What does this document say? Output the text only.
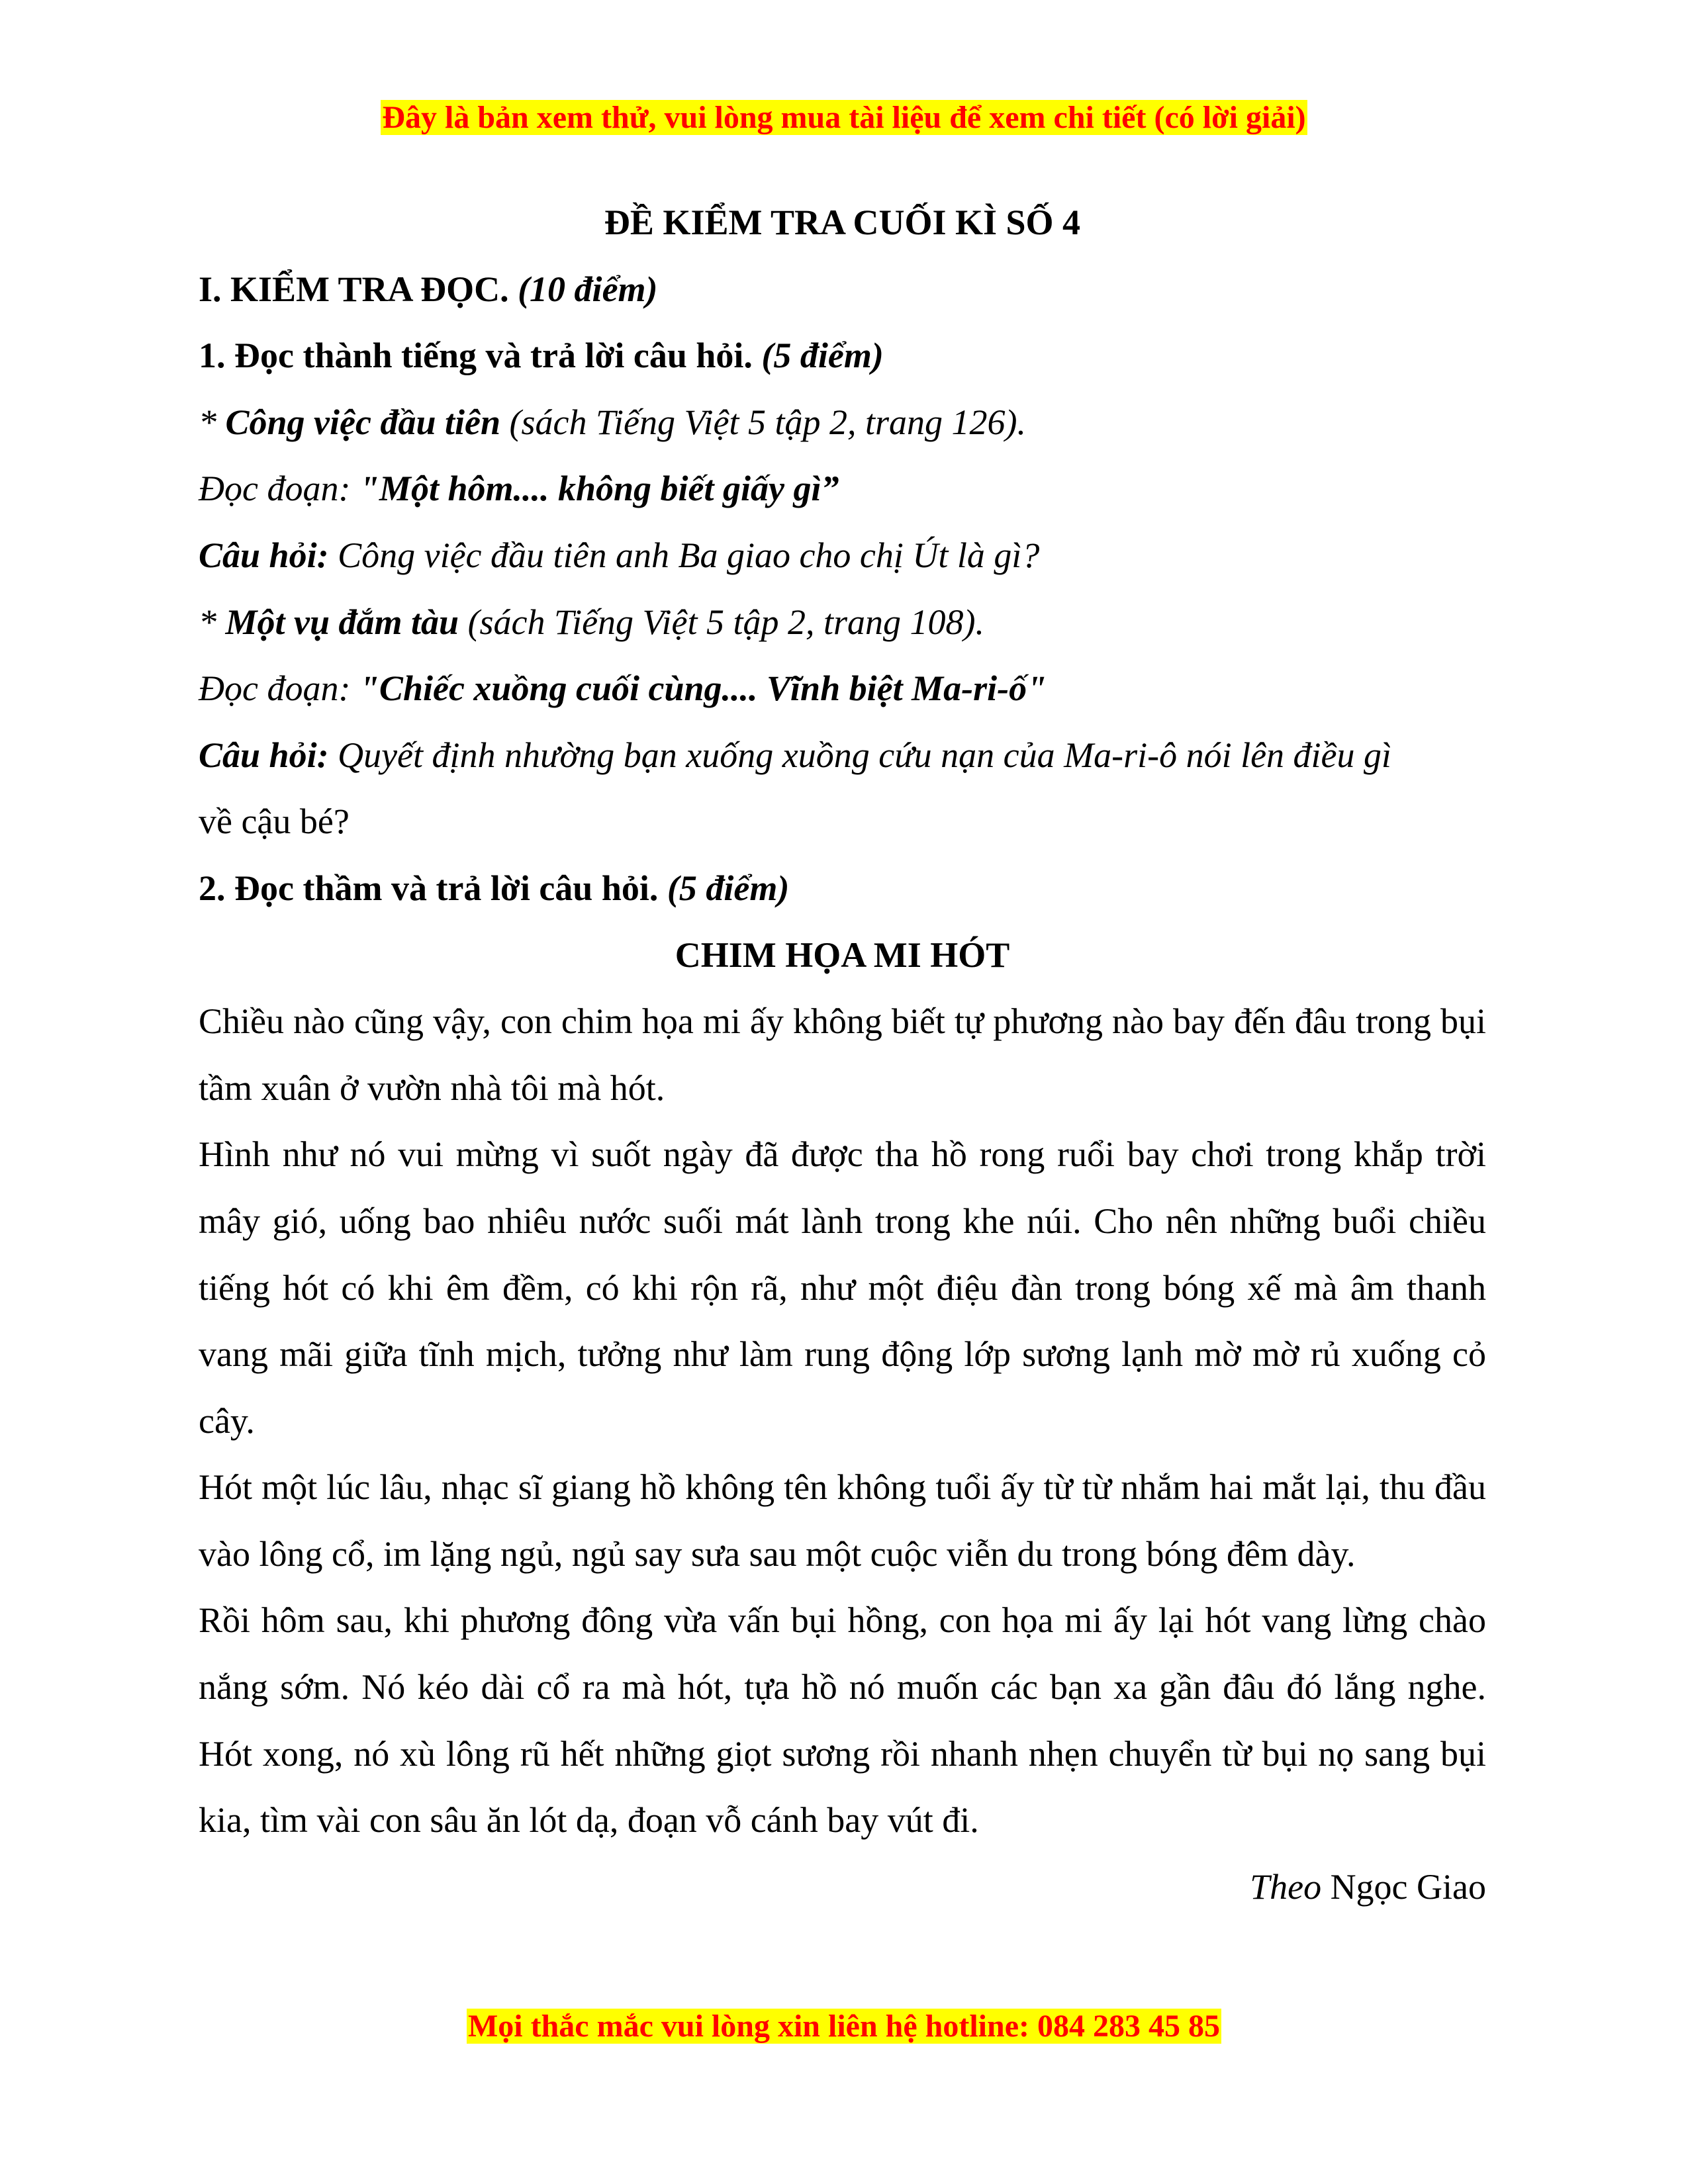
Đây là bản xem thử, vui lòng mua tài liệu để xem chi tiết (có lời giải)

ĐỀ KIỂM TRA CUỐI KÌ SỐ 4

I. KIỂM TRA ĐỌC. (10 điểm)

1. Đọc thành tiếng và trả lời câu hỏi. (5 điểm)

* Công việc đầu tiên (sách Tiếng Việt 5 tập 2, trang 126).

Đọc đoạn: "Một hôm.... không biết giấy gì”

Câu hỏi: Công việc đầu tiên anh Ba giao cho chị Út là gì?

* Một vụ đắm tàu (sách Tiếng Việt 5 tập 2, trang 108).

Đọc đoạn: "Chiếc xuồng cuối cùng.... Vĩnh biệt Ma-ri-ố"

Câu hỏi: Quyết định nhường bạn xuống xuồng cứu nạn của Ma-ri-ô nói lên điều gì

về cậu bé?

2. Đọc thầm và trả lời câu hỏi. (5 điểm)

CHIM HỌA MI HÓT

Chiều nào cũng vậy, con chim họa mi ấy không biết tự phương nào bay đến đâu trong bụi tầm xuân ở vườn nhà tôi mà hót.

Hình như nó vui mừng vì suốt ngày đã được tha hồ rong ruổi bay chơi trong khắp trời mây gió, uống bao nhiêu nước suối mát lành trong khe núi. Cho nên những buổi chiều tiếng hót có khi êm đềm, có khi rộn rã, như một điệu đàn trong bóng xế mà âm thanh vang mãi giữa tĩnh mịch, tưởng như làm rung động lớp sương lạnh mờ mờ rủ xuống cỏ cây.

Hót một lúc lâu, nhạc sĩ giang hồ không tên không tuổi ấy từ từ nhắm hai mắt lại, thu đầu vào lông cổ, im lặng ngủ, ngủ say sưa sau một cuộc viễn du trong bóng đêm dày.

Rồi hôm sau, khi phương đông vừa vấn bụi hồng, con họa mi ấy lại hót vang lừng chào nắng sớm. Nó kéo dài cổ ra mà hót, tựa hồ nó muốn các bạn xa gần đâu đó lắng nghe. Hót xong, nó xù lông rũ hết những giọt sương rồi nhanh nhẹn chuyển từ bụi nọ sang bụi kia, tìm vài con sâu ăn lót dạ, đoạn vỗ cánh bay vút đi.

Theo Ngọc Giao

Mọi thắc mắc vui lòng xin liên hệ hotline: 084 283 45 85
